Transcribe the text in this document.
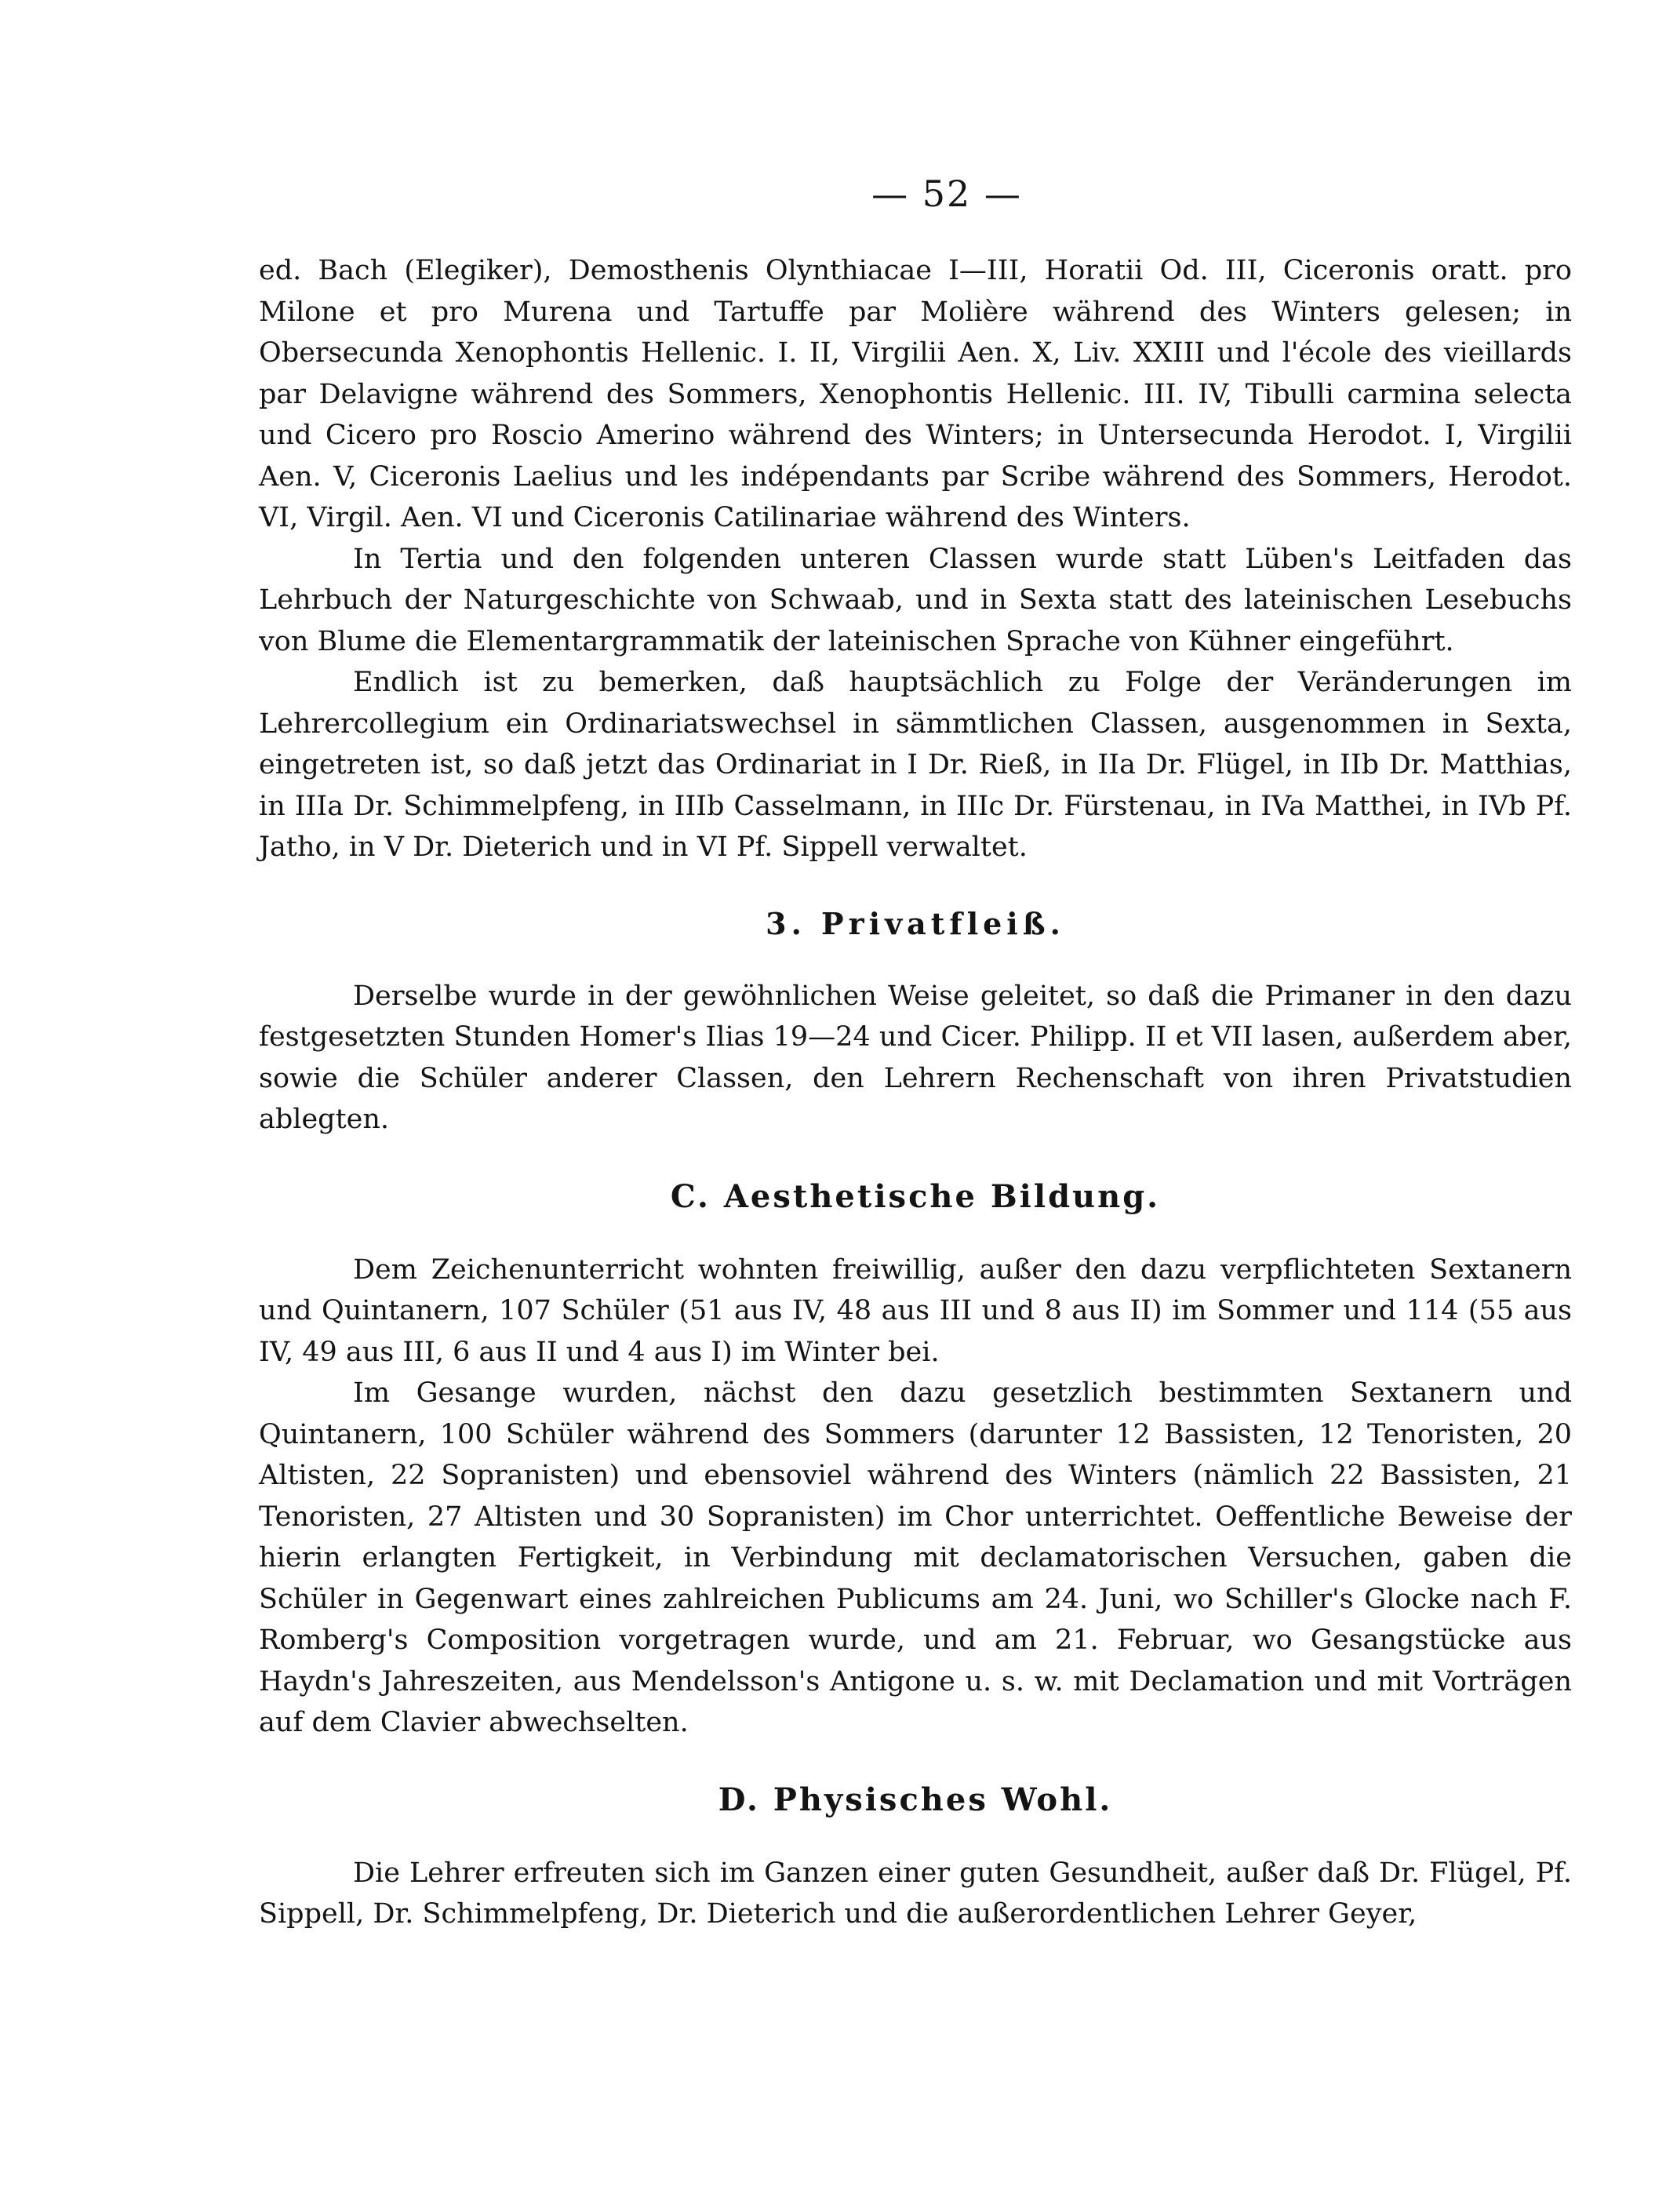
— 52 —

ed. Bach (Elegiker), Demosthenis Olynthiacae I—III, Horatii Od. III, Ciceronis oratt. pro Milone et pro Murena und Tartuffe par Molière während des Winters gelesen; in Obersecunda Xenophontis Hellenic. I. II, Virgilii Aen. X, Liv. XXIII und l'école des vieillards par Delavigne während des Sommers, Xenophontis Hellenic. III. IV, Tibulli carmina selecta und Cicero pro Roscio Amerino während des Winters; in Untersecunda Herodot. I, Virgilii Aen. V, Ciceronis Laelius und les indépendants par Scribe während des Sommers, Herodot. VI, Virgil. Aen. VI und Ciceronis Catilinariae während des Winters.

In Tertia und den folgenden unteren Classen wurde statt Lüben's Leitfaden das Lehrbuch der Naturgeschichte von Schwaab, und in Sexta statt des lateinischen Lesebuchs von Blume die Elementargrammatik der lateinischen Sprache von Kühner eingeführt.

Endlich ist zu bemerken, daß hauptsächlich zu Folge der Veränderungen im Lehrercollegium ein Ordinariatswechsel in sämmtlichen Classen, ausgenommen in Sexta, eingetreten ist, so daß jetzt das Ordinariat in I Dr. Rieß, in IIa Dr. Flügel, in IIb Dr. Matthias, in IIIa Dr. Schimmelpfeng, in IIIb Casselmann, in IIIc Dr. Fürstenau, in IVa Matthei, in IVb Pf. Jatho, in V Dr. Dieterich und in VI Pf. Sippell verwaltet.

3. Privatfleiß.

Derselbe wurde in der gewöhnlichen Weise geleitet, so daß die Primaner in den dazu festgesetzten Stunden Homer's Ilias 19—24 und Cicer. Philipp. II et VII lasen, außerdem aber, sowie die Schüler anderer Classen, den Lehrern Rechenschaft von ihren Privatstudien ablegten.

C. Aesthetische Bildung.

Dem Zeichenunterricht wohnten freiwillig, außer den dazu verpflichteten Sextanern und Quintanern, 107 Schüler (51 aus IV, 48 aus III und 8 aus II) im Sommer und 114 (55 aus IV, 49 aus III, 6 aus II und 4 aus I) im Winter bei.

Im Gesange wurden, nächst den dazu gesetzlich bestimmten Sextanern und Quintanern, 100 Schüler während des Sommers (darunter 12 Bassisten, 12 Tenoristen, 20 Altisten, 22 Sopranisten) und ebensoviel während des Winters (nämlich 22 Bassisten, 21 Tenoristen, 27 Altisten und 30 Sopranisten) im Chor unterrichtet. Oeffentliche Beweise der hierin erlangten Fertigkeit, in Verbindung mit declamatorischen Versuchen, gaben die Schüler in Gegenwart eines zahlreichen Publicums am 24. Juni, wo Schiller's Glocke nach F. Romberg's Composition vorgetragen wurde, und am 21. Februar, wo Gesangstücke aus Haydn's Jahreszeiten, aus Mendelsson's Antigone u. s. w. mit Declamation und mit Vorträgen auf dem Clavier abwechselten.

D. Physisches Wohl.

Die Lehrer erfreuten sich im Ganzen einer guten Gesundheit, außer daß Dr. Flügel, Pf. Sippell, Dr. Schimmelpfeng, Dr. Dieterich und die außerordentlichen Lehrer Geyer,
